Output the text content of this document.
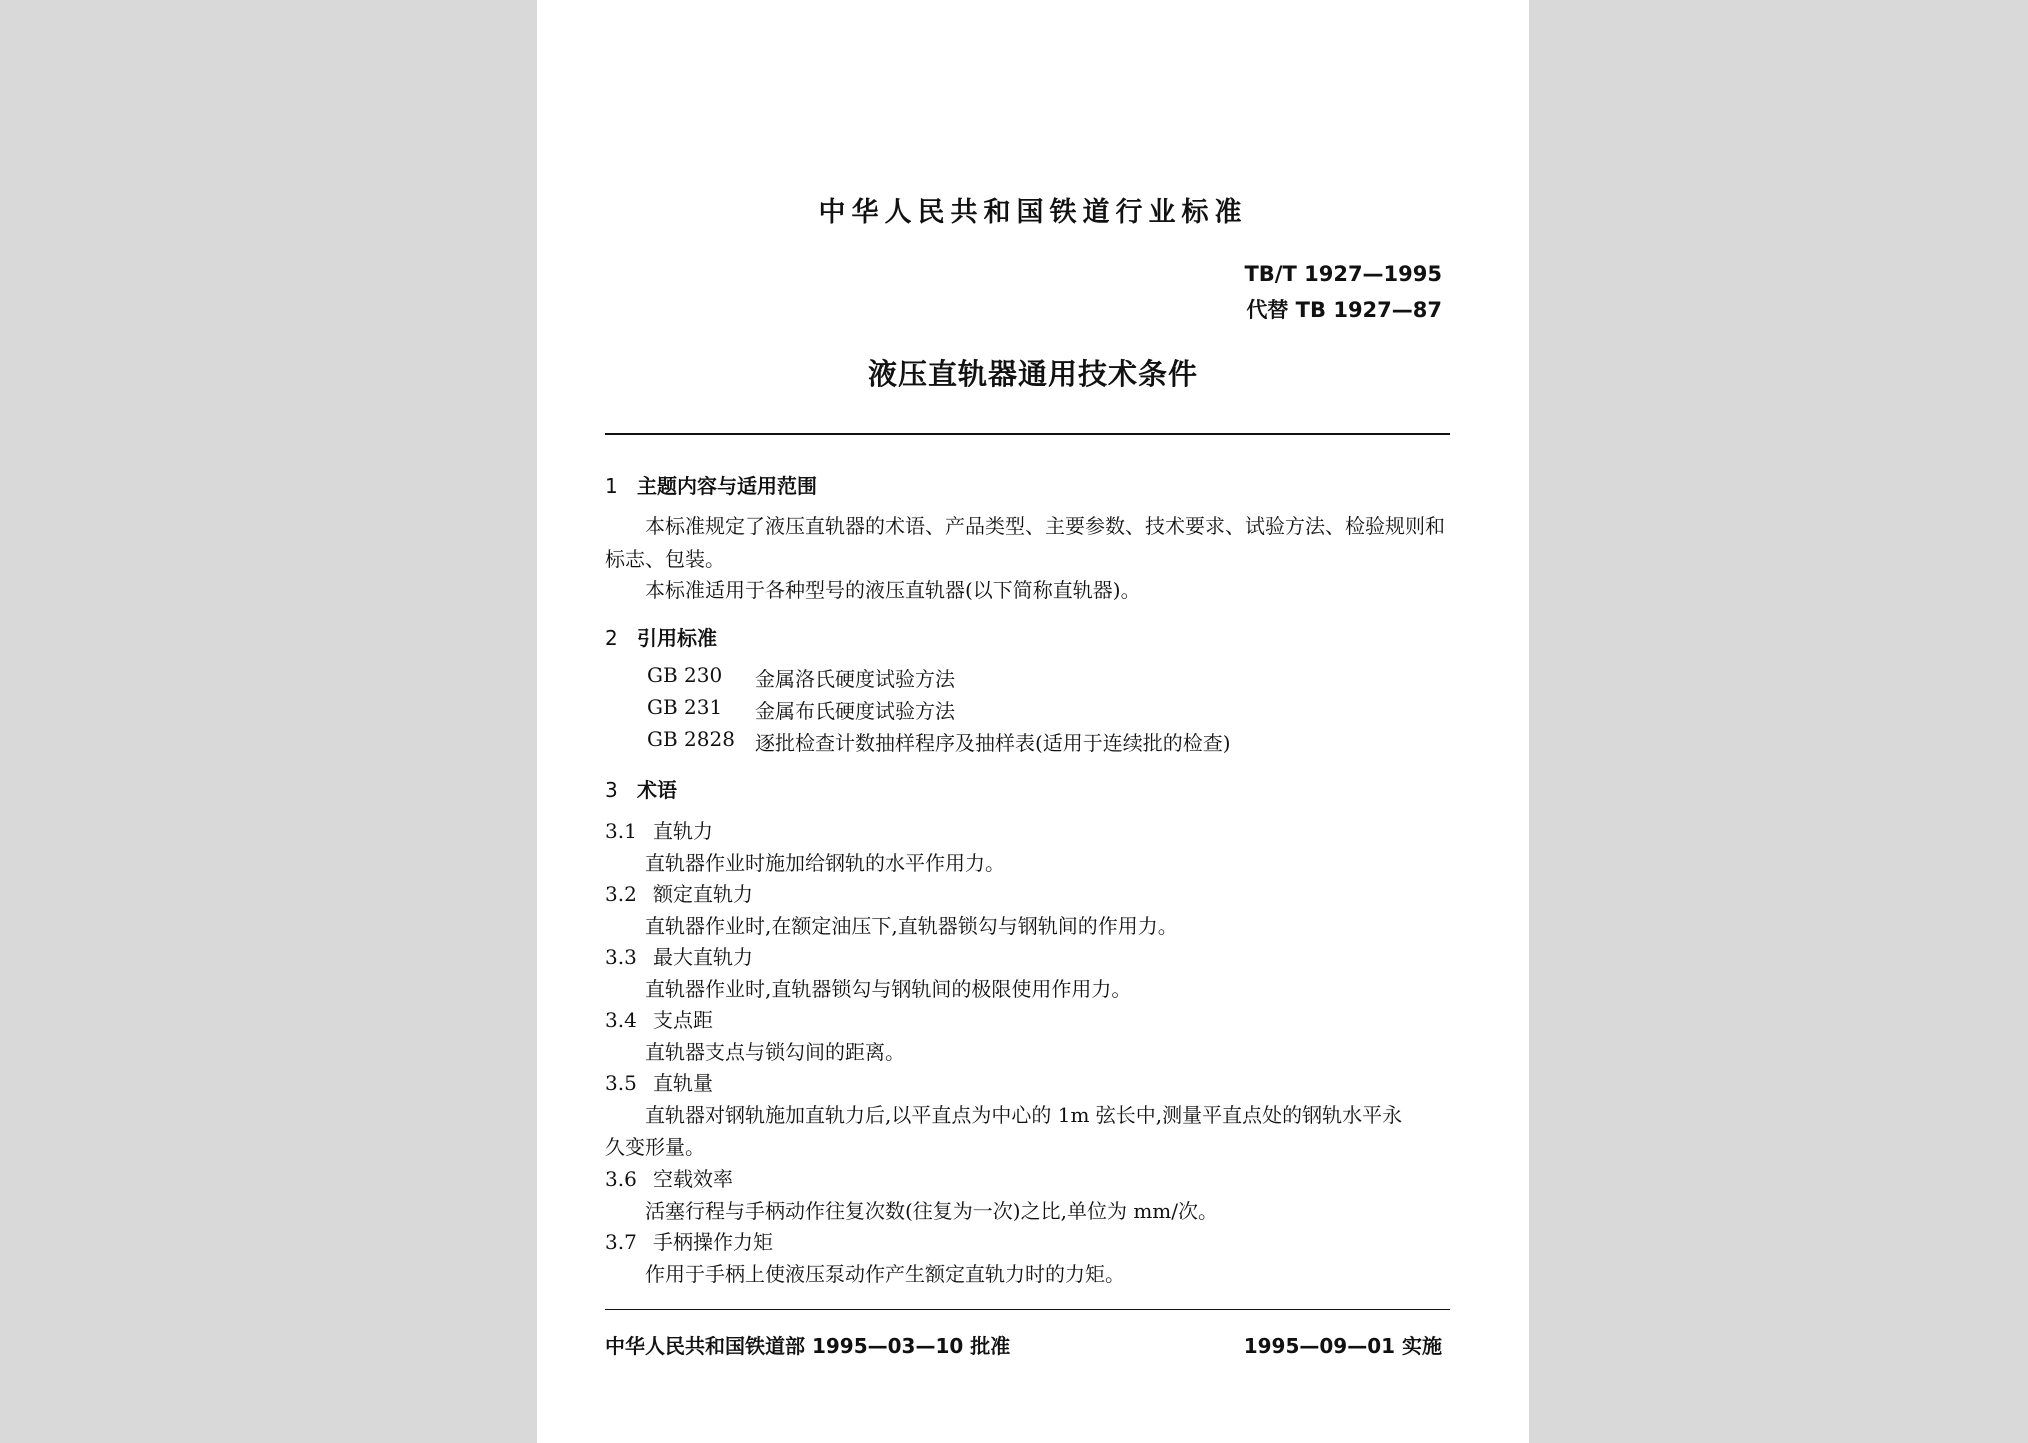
中华人民共和国铁道行业标准
TB/T 1927—1995
代替 TB 1927—87
液压直轨器通用技术条件
1 主题内容与适用范围
本标准规定了液压直轨器的术语、产品类型、主要参数、技术要求、试验方法、检验规则和
标志、包装。
本标准适用于各种型号的液压直轨器(以下简称直轨器)。
2 引用标准
GB 230 金属洛氏硬度试验方法
GB 231 金属布氏硬度试验方法
GB 2828 逐批检查计数抽样程序及抽样表(适用于连续批的检查)
3 术语
3.1 直轨力
直轨器作业时施加给钢轨的水平作用力。
3.2 额定直轨力
直轨器作业时,在额定油压下,直轨器锁勾与钢轨间的作用力。
3.3 最大直轨力
直轨器作业时,直轨器锁勾与钢轨间的极限使用作用力。
3.4 支点距
直轨器支点与锁勾间的距离。
3.5 直轨量
直轨器对钢轨施加直轨力后,以平直点为中心的 1m 弦长中,测量平直点处的钢轨水平永
久变形量。
3.6 空载效率
活塞行程与手柄动作往复次数(往复为一次)之比,单位为 mm/次。
3.7 手柄操作力矩
作用于手柄上使液压泵动作产生额定直轨力时的力矩。
中华人民共和国铁道部 1995—03—10 批准	1995—09—01 实施
